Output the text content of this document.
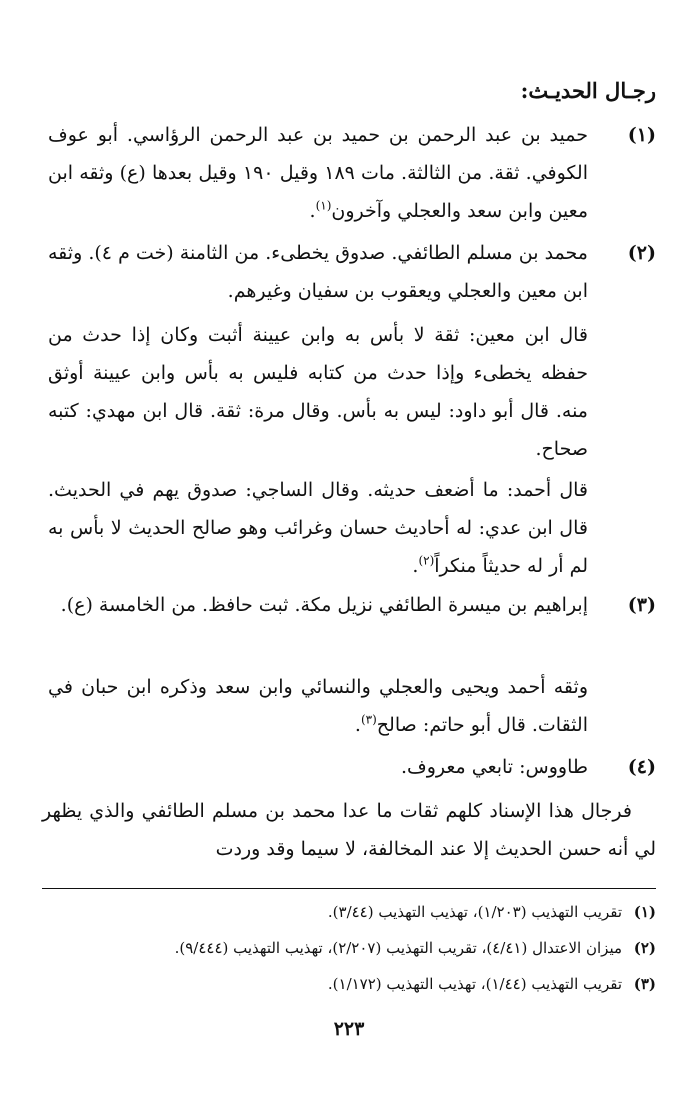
رجـال الحديـث:
(١)
حميد بن عبد الرحمن بن حميد بن عبد الرحمن الرؤاسي. أبو عوف الكوفي. ثقة. من الثالثة. مات ١٨٩ وقيل ١٩٠ وقيل بعدها (ع) وثقه ابن معين وابن سعد والعجلي وآخرون$^{(١)}$.
(٢)
محمد بن مسلم الطائفي. صدوق يخطىء. من الثامنة (خت م ٤). وثقه ابن معين والعجلي ويعقوب بن سفيان وغيرهم.
قال ابن معين: ثقة لا بأس به وابن عيينة أثبت وكان إذا حدث من حفظه يخطىء وإذا حدث من كتابه فليس به بأس وابن عيينة أوثق منه. قال أبو داود: ليس به بأس. وقال مرة: ثقة. قال ابن مهدي: كتبه صحاح.
قال أحمد: ما أضعف حديثه. وقال الساجي: صدوق يهم في الحديث. قال ابن عدي: له أحاديث حسان وغرائب وهو صالح الحديث لا بأس به لم أر له حديثاً منكراً$^{(٢)}$.
(٣)
إبراهيم بن ميسرة الطائفي نزيل مكة. ثبت حافظ. من الخامسة (ع).
وثقه أحمد ويحيى والعجلي والنسائي وابن سعد وذكره ابن حبان في الثقات. قال أبو حاتم: صالح$^{(٣)}$.
(٤)
طاووس: تابعي معروف.
فرجال هذا الإسناد كلهم ثقات ما عدا محمد بن مسلم الطائفي والذي يظهر لي أنه حسن الحديث إلا عند المخالفة، لا سيما وقد وردت
(١)تقريب التهذيب (١/٢٠٣)، تهذيب التهذيب (٣/٤٤).
(٢)ميزان الاعتدال (٤/٤١)، تقريب التهذيب (٢/٢٠٧)، تهذيب التهذيب (٩/٤٤٤).
(٣)تقريب التهذيب (١/٤٤)، تهذيب التهذيب (١/١٧٢).
٢٢٣
